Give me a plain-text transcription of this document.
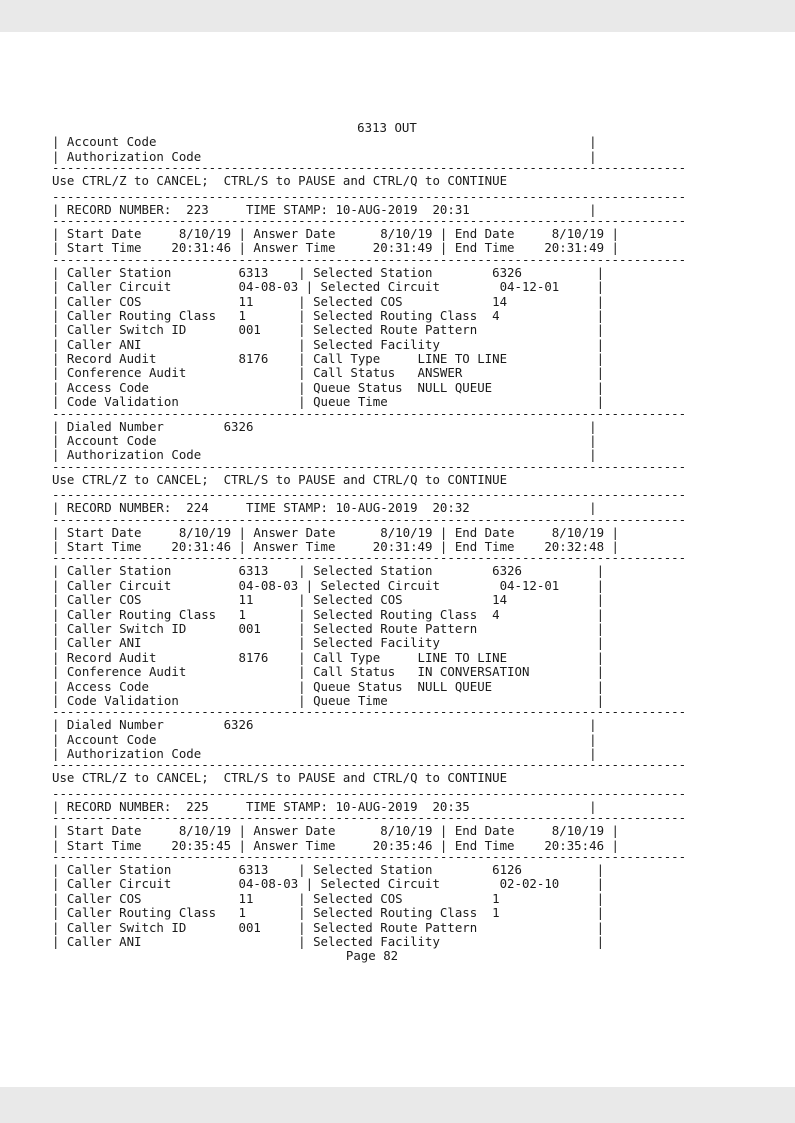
6313 OUT
| Account Code                                                          |
| Authorization Code                                                    |
-------------------------------------------------------------------------------------
Use CTRL/Z to CANCEL;  CTRL/S to PAUSE and CTRL/Q to CONTINUE
-------------------------------------------------------------------------------------
| RECORD NUMBER:  223     TIME STAMP: 10-AUG-2019  20:31                |
-------------------------------------------------------------------------------------
| Start Date     8/10/19 | Answer Date      8/10/19 | End Date     8/10/19 |
| Start Time    20:31:46 | Answer Time     20:31:49 | End Time    20:31:49 |
-------------------------------------------------------------------------------------
| Caller Station         6313    | Selected Station        6326          |
| Caller Circuit         04-08-03 | Selected Circuit        04-12-01     |
| Caller COS             11      | Selected COS            14            |
| Caller Routing Class   1       | Selected Routing Class  4             |
| Caller Switch ID       001     | Selected Route Pattern                |
| Caller ANI                     | Selected Facility                     |
| Record Audit           8176    | Call Type     LINE TO LINE            |
| Conference Audit               | Call Status   ANSWER                  |
| Access Code                    | Queue Status  NULL QUEUE              |
| Code Validation                | Queue Time                            |
-------------------------------------------------------------------------------------
| Dialed Number        6326                                             |
| Account Code                                                          |
| Authorization Code                                                    |
-------------------------------------------------------------------------------------
Use CTRL/Z to CANCEL;  CTRL/S to PAUSE and CTRL/Q to CONTINUE
-------------------------------------------------------------------------------------
| RECORD NUMBER:  224     TIME STAMP: 10-AUG-2019  20:32                |
-------------------------------------------------------------------------------------
| Start Date     8/10/19 | Answer Date      8/10/19 | End Date     8/10/19 |
| Start Time    20:31:46 | Answer Time     20:31:49 | End Time    20:32:48 |
-------------------------------------------------------------------------------------
| Caller Station         6313    | Selected Station        6326          |
| Caller Circuit         04-08-03 | Selected Circuit        04-12-01     |
| Caller COS             11      | Selected COS            14            |
| Caller Routing Class   1       | Selected Routing Class  4             |
| Caller Switch ID       001     | Selected Route Pattern                |
| Caller ANI                     | Selected Facility                     |
| Record Audit           8176    | Call Type     LINE TO LINE            |
| Conference Audit               | Call Status   IN CONVERSATION         |
| Access Code                    | Queue Status  NULL QUEUE              |
| Code Validation                | Queue Time                            |
-------------------------------------------------------------------------------------
| Dialed Number        6326                                             |
| Account Code                                                          |
| Authorization Code                                                    |
-------------------------------------------------------------------------------------
Use CTRL/Z to CANCEL;  CTRL/S to PAUSE and CTRL/Q to CONTINUE
-------------------------------------------------------------------------------------
| RECORD NUMBER:  225     TIME STAMP: 10-AUG-2019  20:35                |
-------------------------------------------------------------------------------------
| Start Date     8/10/19 | Answer Date      8/10/19 | End Date     8/10/19 |
| Start Time    20:35:45 | Answer Time     20:35:46 | End Time    20:35:46 |
-------------------------------------------------------------------------------------
| Caller Station         6313    | Selected Station        6126          |
| Caller Circuit         04-08-03 | Selected Circuit        02-02-10     |
| Caller COS             11      | Selected COS            1             |
| Caller Routing Class   1       | Selected Routing Class  1             |
| Caller Switch ID       001     | Selected Route Pattern                |
| Caller ANI                     | Selected Facility                     |
Page 82
